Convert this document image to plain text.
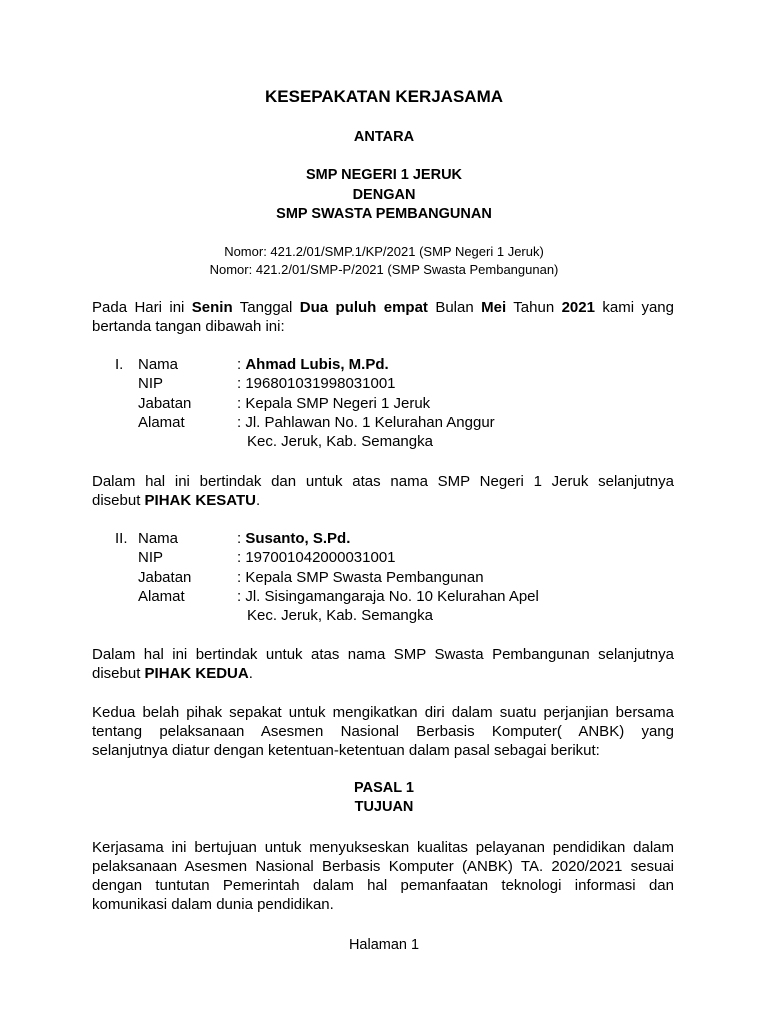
KESEPAKATAN KERJASAMA
ANTARA
SMP NEGERI 1 JERUK
DENGAN
SMP SWASTA PEMBANGUNAN
Nomor: 421.2/01/SMP.1/KP/2021 (SMP Negeri 1 Jeruk)
Nomor: 421.2/01/SMP-P/2021 (SMP Swasta Pembangunan)
Pada Hari ini Senin Tanggal Dua puluh empat Bulan Mei Tahun 2021 kami yang
bertanda tangan dibawah ini:
I. Nama	: Ahmad Lubis, M.Pd.
NIP	: 196801031998031001
Jabatan	: Kepala SMP Negeri 1 Jeruk
Alamat	: Jl. Pahlawan No. 1 Kelurahan Anggur
Kec. Jeruk, Kab. Semangka
Dalam hal ini bertindak dan untuk atas nama SMP Negeri 1 Jeruk selanjutnya
disebut PIHAK KESATU.
II. Nama	: Susanto, S.Pd.
NIP	: 197001042000031001
Jabatan	: Kepala SMP Swasta Pembangunan
Alamat	: Jl. Sisingamangaraja No. 10 Kelurahan Apel
Kec. Jeruk, Kab. Semangka
Dalam hal ini bertindak untuk atas nama SMP Swasta Pembangunan selanjutnya
disebut PIHAK KEDUA.
Kedua belah pihak sepakat untuk mengikatkan diri dalam suatu perjanjian bersama
tentang pelaksanaan Asesmen Nasional Berbasis Komputer( ANBK) yang
selanjutnya diatur dengan ketentuan-ketentuan dalam pasal sebagai berikut:
PASAL 1
TUJUAN
Kerjasama ini bertujuan untuk menyukseskan kualitas pelayanan pendidikan dalam
pelaksanaan Asesmen Nasional Berbasis Komputer (ANBK) TA. 2020/2021 sesuai
dengan tuntutan Pemerintah dalam hal pemanfaatan teknologi informasi dan
komunikasi dalam dunia pendidikan.
Halaman 1
